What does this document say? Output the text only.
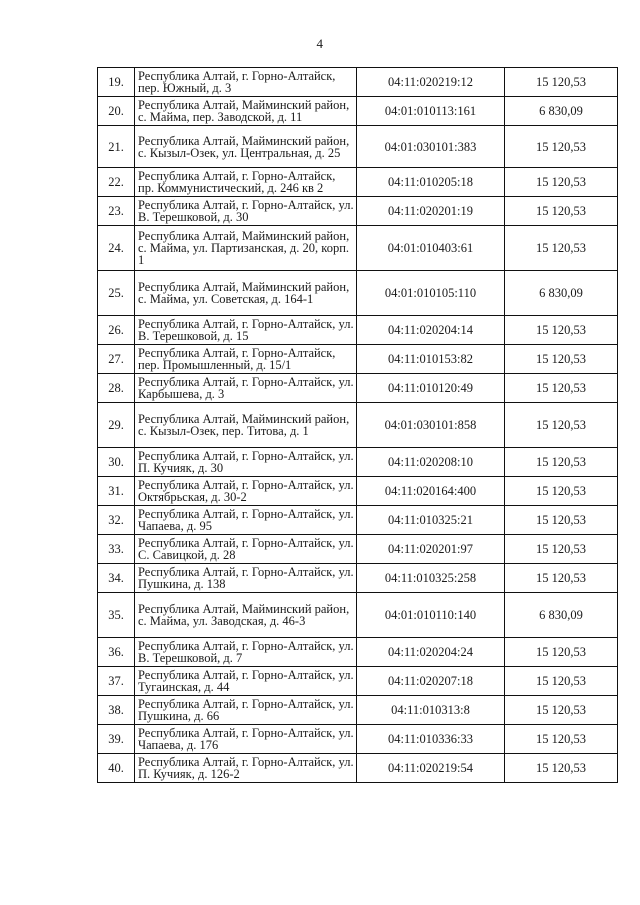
4
19.	Республика Алтай, г. Горно-Алтайск, пер. Южный, д. 3	04:11:020219:12	15 120,53
20.	Республика Алтай, Майминский район, с. Майма, пер. Заводской, д. 11	04:01:010113:161	6 830,09
21.	Республика Алтай, Майминский район, с. Кызыл-Озек, ул. Центральная, д. 25	04:01:030101:383	15 120,53
22.	Республика Алтай, г. Горно-Алтайск, пр. Коммунистический, д. 246 кв 2	04:11:010205:18	15 120,53
23.	Республика Алтай, г. Горно-Алтайск, ул. В. Терешковой, д. 30	04:11:020201:19	15 120,53
24.	Республика Алтай, Майминский район, с. Майма, ул. Партизанская, д. 20, корп. 1	04:01:010403:61	15 120,53
25.	Республика Алтай, Майминский район, с. Майма, ул. Советская, д. 164-1	04:01:010105:110	6 830,09
26.	Республика Алтай, г. Горно-Алтайск, ул. В. Терешковой, д. 15	04:11:020204:14	15 120,53
27.	Республика Алтай, г. Горно-Алтайск, пер. Промышленный, д. 15/1	04:11:010153:82	15 120,53
28.	Республика Алтай, г. Горно-Алтайск, ул. Карбышева, д. 3	04:11:010120:49	15 120,53
29.	Республика Алтай, Майминский район, с. Кызыл-Озек, пер. Титова, д. 1	04:01:030101:858	15 120,53
30.	Республика Алтай, г. Горно-Алтайск, ул. П. Кучияк, д. 30	04:11:020208:10	15 120,53
31.	Республика Алтай, г. Горно-Алтайск, ул. Октябрьская, д. 30-2	04:11:020164:400	15 120,53
32.	Республика Алтай, г. Горно-Алтайск, ул. Чапаева, д. 95	04:11:010325:21	15 120,53
33.	Республика Алтай, г. Горно-Алтайск, ул. С. Савицкой, д. 28	04:11:020201:97	15 120,53
34.	Республика Алтай, г. Горно-Алтайск, ул. Пушкина, д. 138	04:11:010325:258	15 120,53
35.	Республика Алтай, Майминский район, с. Майма, ул. Заводская, д. 46-3	04:01:010110:140	6 830,09
36.	Республика Алтай, г. Горно-Алтайск, ул. В. Терешковой, д. 7	04:11:020204:24	15 120,53
37.	Республика Алтай, г. Горно-Алтайск, ул. Тугаинская, д. 44	04:11:020207:18	15 120,53
38.	Республика Алтай, г. Горно-Алтайск, ул. Пушкина, д. 66	04:11:010313:8	15 120,53
39.	Республика Алтай, г. Горно-Алтайск, ул. Чапаева, д. 176	04:11:010336:33	15 120,53
40.	Республика Алтай, г. Горно-Алтайск, ул. П. Кучияк, д. 126-2	04:11:020219:54	15 120,53
